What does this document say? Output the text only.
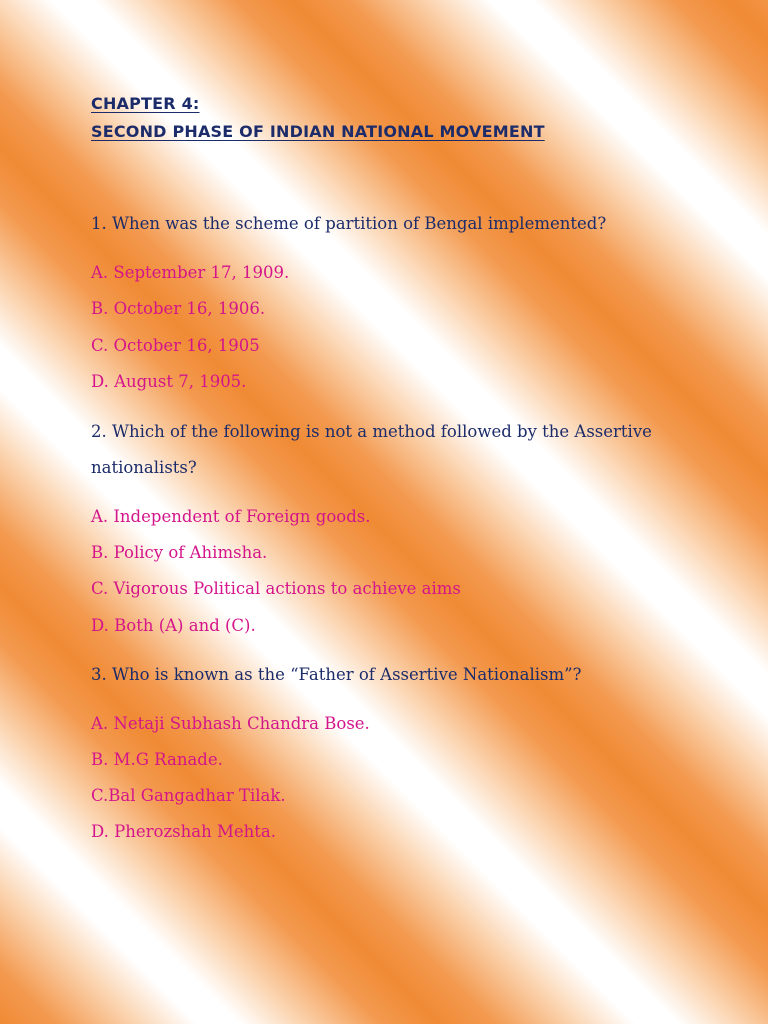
CHAPTER 4:
SECOND PHASE OF INDIAN NATIONAL MOVEMENT
1. When was the scheme of partition of Bengal implemented?
A. September 17, 1909.
B. October 16, 1906.
C. October 16, 1905
D. August 7, 1905.
2. Which of the following is not a method followed by the Assertive
nationalists?
A. Independent of Foreign goods.
B. Policy of Ahimsha.
C. Vigorous Political actions to achieve aims
D. Both (A) and (C).
3. Who is known as the “Father of Assertive Nationalism”?
A. Netaji Subhash Chandra Bose.
B. M.G Ranade.
C.Bal Gangadhar Tilak.
D. Pherozshah Mehta.
